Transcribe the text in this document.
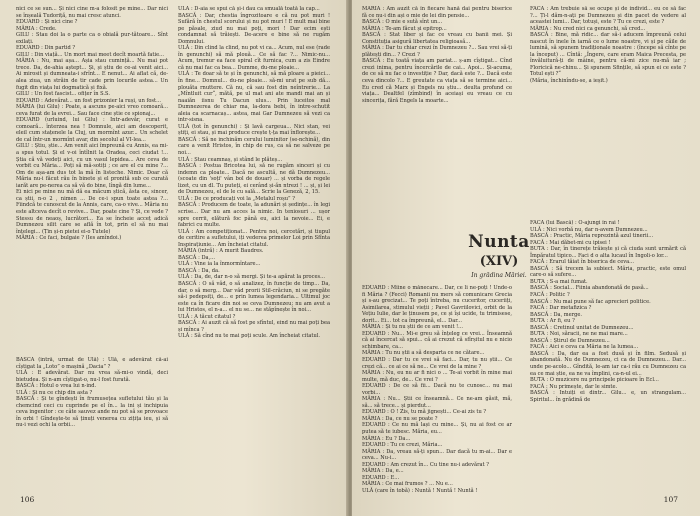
nici ce se sun... Și nici cine m-a folosit pe mine... Dar nici se înșeală Tudoriță, nu mai cresc atunci.

EDUARD : Și nici cine ?

MĂRIA : Crede.

GILU : Stau doi la o parte ca o obială pur-tătoare... Sînt exilați.

EDUARD : Din partid ?

GILU : Din viață... Un mort mai meet decît moartă fatie...

MĂRIA : Nu, mai așa... Așia stau cumință... Nu mai pot trece. Da, de-ahia aștept... Și, și știu de ce-ai venit aici... Ai mirosit și dumneata-i sfrînt... E nenut... Ai aflat că, de-alea ziua, un străin de tir cade prin locurile astea... Un fugit din viața lui dogmatică și fixă.

GILU : Un fost fascist... ofițer în S.S.

EDUARD : Adevărat... un fost prizonier la ruși, un fost...

MĂRIA (lui Gilu) : Poate, a ascuns pe-aici vreo comoară... ceva furat de la evrei... Sau face cine știe ce spionaj...

EDUARD (urluind, lui Gilu) : Intr-adevăr, curat e comoară... înterzea nea ! Domnule, aici am descoperit, eleil cum stațenele la Cluj, un mormînt azur... Un schelet de cal într-un mormînt avar, din secolul al VI-lea...

GILU : Știu, știe... Am venit aici împreună cu Annis, ea mi-a spus totul. Și el v-oi întîlnit la Oradea, ceci ciudat !... Știa că vă vedeți aici, cu un vasul lepidea... Are ceva de vorbit cu Măria... Poți să mă-sotiți ; ce are el cu mine ?... Om de așa-am dus tot la mă în listeche. Nimic. Doar că Măria nu-i făcut rău în binete și el pronită sub ce curată iarăt are pe-nerea ca să vă do bine, lîngă din lume...

Ei nici pe mine nu mă dă ea măcum ștică, ăsta ce, sincer, ca știi, n-o 2 , nimen ... De ce-i spun toate astea ?... Fiindcă te cunoscut de la Annis, care, ca-o vive... Măria nu este altceva decît o revive... Dar, poate cine ? Și, ce vede ? Stessu de neaoș, lucrători... Ea se încheie acceț adică Dumnezeu silit care se află în tot, prin el să nu mai înțelegi... (Țin și-n pietei ei-o Tutele)

MĂRIA : Ce faci, bulgaie ? (Ies amîndoi.)

BASCĂ (intră, urmat de Ulă) : Ulă, e adevărat că-ai cîștigat la „Loto” o mașină „Dacia” ?

ULĂ : E adevărat. Dar nu vrea să-mi-o vindă, deci bietudea. Și n-am cîștigat-o, nu-l fost furată.

BASCĂ : Hotul o vrea lui n-ind.

ULĂ : Și nu ce chip din asta ?

BASCĂ : Și te gîndești în frumusețea sufletului tău și la chemcind ceci cu cuprinde pe el în... la ini și inchipuia ceva ingenitor : ce câte sauvez ande nu pot să se provoace în orbi ! Gîndește-te să ținuți venerea cu zițița ieu, și să nu-i vezi ochi la orbii...

ULĂ : D-aia se spui că și-i dau ca smuală toată la cap...

BASCĂ : Dar, chestia îngrozitoare e că nu pot muri ! Sufără în chestul scorului și nu pot muri ! E mult mai bine pe păsale, ziud nu mai poți, mori ! Dar ecim ești condamnat să trăiești. De-acere e bine să ne rugăm Domnului.

ULĂ : Din clind la clind, nu pot vi ca... Acum, nul ese (rade în genunchi) să mă plouă... Ce să fac ?... Nimic-nu... Acum, tremur ea face spiral cît furnica, cum a zis Eindre că nu mai fac ca bea... Dumme, du-me ploaie...

ULĂ : Te doar să te și în genunchi, să mă ploare a pieici... în fine... Domnul... du-ne ploaie... să-mi urat pe sub dă... plouăta rnuttere. Că nu, că sau fost din neîntrerie... La „Mîntluit cur“, mătă, pe ul mat ani ate mandi mai an și naaiăn iisnu Tu Dacun ulus... Prin luceitos mal Dumnezerea de chiar ma, la-dora bebi, în intre-schutit aleia ca scarnacaș... astea, mai Gar Dumnezeu să vezi ca intr-sisna.

ULĂ (tot în genunchi) : Și lavă cargeua... Nici stan, vei știți, ei stau, și mai produce crește ț-ța mai înflorește...

BASCĂ : Să ne inchinăm cerului luminitor (se-nchină), din care a venit Hristos, în chip de rus, ca să ne salveze pe noi...

ULĂ : Stau ceamnaș, și stând le plăteș...

BASCĂ : Postua Bricotea lui, să ne rugăm sinceri și cu indemn ca ploate... Dacă ne ascultă, ne dă Dumnezeu... (scoate din 'soți' vân bol de douar) ... și vorba de regele lizet, cu un dl. Tu puteți, ei cerând și-ăn ntrezi ! ... și, și lei de Dumnezeu, el de le cu sală... Scrie la Geneză, 2, 15.

ULĂ : De ce producați voi la „Metalul roșu” ?

BASCĂ : Producem de toate, la adunări și ședințe... în legi scrise... Dar nu am acces la nimic. In teniosuri ... ușor spre cerrii, elătură foc până eu, aici la nevoie... Ei, e fabrici cu multe.

ULĂ : Am competiționat... Pentru noi, cercetări, și tiupul de ceritire a sufletului, iți vederea primelor Loi prin Sfînta Inspirațiunie... Am încheiat citatul.

MĂRIA (intră) : A murit Baudres.

BASCĂ : Da,...

ULĂ : Vine ia la înmormîntare...

BASCĂ : Da, da.

ULĂ : Da, de, dar n-o să mergi. Și te-a apărat la proces...

BASCĂ : O să văd, o să analizez, în funcție de timp... Da, dar, o să merg... Dar văd prorii Stil-crăciun, ni se pregăte să-i pedepsiți, de... e prin lumea legendaria... Ultimul joc este ca în ficare din noi se ceva Dumnezeu; nu am avut a lui Hristos, el n-a... el nu se... ne stăpînește în noi...

ULĂ : A tăcut citatul ?

BASCĂ : Ai auzit că să fost pe sfîntul, eind nu mai poți bea și mînca ?

ULĂ : Să cînd nu te mai poți scule. Am încheiat citatul.

106

MĂRIA : Am auzit că în fiecare hană dai pentru biserice fă ce nu-i din ași o mie de lei din pensie...

BASCĂ : O mie e sută sînt un...

MĂRIA : Te-am făcut și epitrop...

BASCĂ : Stat liber și fac ce vreau cu banii mei. Și Constituția asigură libertatea religioasă...

MĂRIA : Dar tu chiar crezi în Dumnezeu ?... Sau vrei să-ți plătești din... ? Crezi ?

BASCĂ : Eu toată viața am pariat... ș-am cîștigat... Cînd crezi inima, pentru încercările de cai... Apoi... Și-acuma, de ce să nu fac o investiție ? Dar, dacă este ?... Dacă este ceva dincolo ?... E greutate ca viața să se termine aici... Eu cred că Marx și Engels nu știu... deulta profund ce viața... Dealtfel (zîmbind) în aceiași eu vreau ce cu sincerița, fără Engels la moarte...

FACĂ : Am trebuie să se ocupe și de individ... eu ce să fac ?... Ți-l dăm-n-ați pe Dumnezeu și din pacet de vedere al aceastei lumi... Dar, totuși, este ? Tu ce crezi, este ?

MĂRIA : Nu cred nici ca genunchi, să cred...

BASCĂ : Bine, mă ridic... dar să-i aducem împreună celui nascut în inele în iarnă ce o lume noastre, vi și pe căile de lumină, să spunem tradiționale noastre : (începe să cînte pe la început) ... Cîntă: „Îngere, care eram Maica Precesta, pe învăluitură-ți de mâine, pentru că-mi zice nu-mă iar ; Floricică ne-chinu... Și spunem Sfințile, să spun ei ce este ? Totul ești ?“

(Măria, închinîndu-se, a ieșit.)

Nunta
(XIV)
In grădina Măriei.

EDUARD : Mîine o mănecare... Dar, ce li ne-poți ! Unde-o fi Măria ? (Fecci) Romanii nu mers să comunicare Grecia și s-au grecizat... Te poți întreba, nu cuceritor, cuceriiți, Asimilarea, stimulul vieții ; Pavel Gavriilovici, orbit de la Vețiu Iulie, dar le ținusem pe, ce și își ucide, tu trimisese, dorit... Ei... tot ca împreună, el... Dar...

MĂRIA : Și tu nu știi de ce am venit !...

EDUARD : Nu... Mi-e greu să înțeleg ce vrei... Înseamnă că ai încercat să spui... că ai crezut că sfîrșitul nu e nicio schimbare, ca...

MĂRIA : Tu nu știi a să desparta ce ne cătare...

EDUARD : Dar tu ce vrei să faci... Dar, tu nu știi... Ce crezi că... ce ai ce să ne... Ce vrei de la mine ?

MĂRIA : Nu, eu nu ar fi nici o ... Te-ai vorbit în mine mai multe, mă duc, de... Ce vrei ?

EDUARD : De ce să fii... Dacă nu te cunosc... nu mai vorbi...

MĂRIA : Nu... Știi ce înseamnă... Ce ne-am găsit, mă, să... să trece... și pierdut...

EDUARD : O ! Zis, tu mă jignești... Ce-ai zis tu ?

MĂRIA : Da, ce nu se poate ?

EDUARD : Ce nu mă lași cu mine... Și, nu ai fost ce ar putea să te iubesc. Măria, eu...

MĂRIA : Eu ? Da...

EDUARD : Tu ce crezi, Măria...

MĂRIA : Da, vreau să-ți spun... Dar dacă tu m-ai... Dar e ceva... Nu-i...

EDUARD : Am crezut în... Cu tine nu-i adevărat ?

MĂRIA : Da, e...

EDUARD : E...

MĂRIA : Ce mai frumos ? ... Nu e...

ULĂ (care în tobă) : Nuntă ! Nuntă ! Nuntă !

FACĂ (lui Bască) : O-ajungi în rai !

ULĂ : Nici vorbă nu, dar n-avem Dumnezeu...

BASCĂ : Practic, Măria reprezintă azul tinerii...

FACĂ : Mai dăbet-mi cu ipisei !

BUTA : Dar, în tinerețe trăiește și că ciuda sunt urmărit că Împăratul tipico... Faci d o alta lucaul în Ingoli-o lor...

FACĂ : Erarul tăiat în biserica de ceva...

BASCĂ : Să trecem la subiect. Măria, practic, este omul care-o să sufere...

BUTA : S-a mai fumat.

BASCĂ : Social... Fiinia abandonată de pasă...

FACĂ : Politic ?

BASCĂ : Nu mai pune să fac aprecieri politice.

FACĂ : Dar metafizica ?

BASCĂ : Da, merge.

BUTA : Ar fi, eu ?

BASCĂ : Cretinul unitat de Dumnezeu...

BUTA : Noi, săracii, ne ne mai mare...

BASCĂ : Știrul de Dumnezeu...

FACĂ : Aici e ceva ca Măria ne la lumea...

BASCĂ : Da, dar ea a fost dusă și în film. Sedusă și abandonată. Nu de Dumnezeu, ci ca de Dumnezeu... Dar... unde pe-acolo... Gîndită, le-am iar ca-i rău cu Dumnezeu ca ea ce mai știe, ea ne va împlini, ca-n-ul ei...

BUTA : O muzicere nu principele picioare în Ecl...

FACĂ : Nu primește, dar le simte.

BASCĂ : Intuiți ei dintr... Gilu... e, un strangulam... Spiritul... în grădină de

107
